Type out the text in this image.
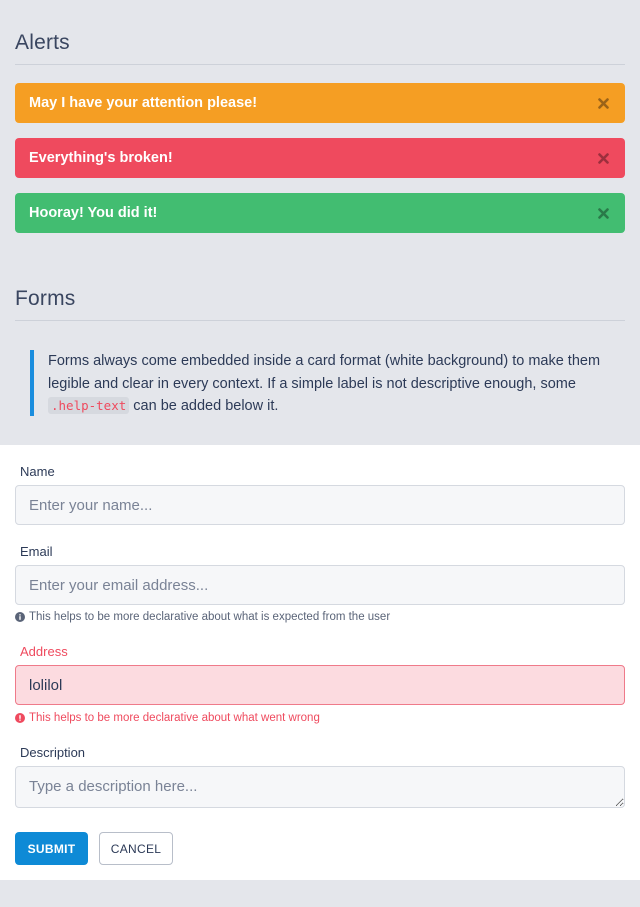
Alerts
May I have your attention please!
Everything's broken!
Hooray! You did it!
Forms
Forms always come embedded inside a card format (white background) to make them legible and clear in every context. If a simple label is not descriptive enough, some .help-text can be added below it.
Name
Enter your name...
Email
Enter your email address...
This helps to be more declarative about what is expected from the user
Address
lolilol
This helps to be more declarative about what went wrong
Description
Type a description here...
SUBMIT	CANCEL
